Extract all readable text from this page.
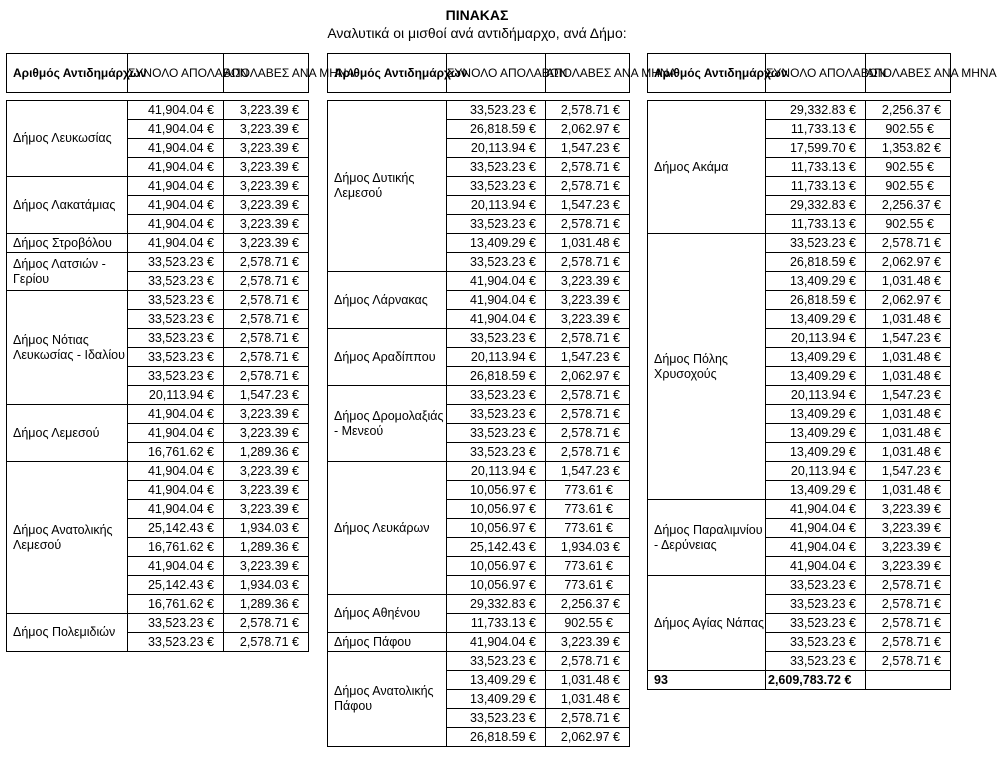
ΠΙΝΑΚΑΣ
Αναλυτικά οι μισθοί ανά αντιδήμαρχο, ανά Δήμο:
Αριθμός Αντιδημάρχων	ΣΥΝΟΛΟ ΑΠΟΛΑΒΩΝ	ΑΠΟΛΑΒΕΣ ΑΝΑ ΜΗΝΑ
Δήμος Λευκωσίας	41,904.04 €	3,223.39 €
	41,904.04 €	3,223.39 €
	41,904.04 €	3,223.39 €
	41,904.04 €	3,223.39 €
Δήμος Λακατάμιας	41,904.04 €	3,223.39 €
	41,904.04 €	3,223.39 €
	41,904.04 €	3,223.39 €
Δήμος Στροβόλου	41,904.04 €	3,223.39 €
Δήμος Λατσιών - Γερίου	33,523.23 €	2,578.71 €
	33,523.23 €	2,578.71 €
Δήμος Νότιας Λευκωσίας - Ιδαλίου	33,523.23 €	2,578.71 €
	33,523.23 €	2,578.71 €
	33,523.23 €	2,578.71 €
	33,523.23 €	2,578.71 €
	33,523.23 €	2,578.71 €
	20,113.94 €	1,547.23 €
Δήμος Λεμεσού	41,904.04 €	3,223.39 €
	41,904.04 €	3,223.39 €
	16,761.62 €	1,289.36 €
Δήμος Ανατολικής Λεμεσού	41,904.04 €	3,223.39 €
	41,904.04 €	3,223.39 €
	41,904.04 €	3,223.39 €
	25,142.43 €	1,934.03 €
	16,761.62 €	1,289.36 €
	41,904.04 €	3,223.39 €
	25,142.43 €	1,934.03 €
	16,761.62 €	1,289.36 €
Δήμος Πολεμιδιών	33,523.23 €	2,578.71 €
	33,523.23 €	2,578.71 €
Αριθμός Αντιδημάρχων	ΣΥΝΟΛΟ ΑΠΟΛΑΒΩΝ	ΑΠΟΛΑΒΕΣ ΑΝΑ ΜΗΝΑ
Δήμος Δυτικής Λεμεσού	33,523.23 €	2,578.71 €
	26,818.59 €	2,062.97 €
	20,113.94 €	1,547.23 €
	33,523.23 €	2,578.71 €
	33,523.23 €	2,578.71 €
	20,113.94 €	1,547.23 €
	33,523.23 €	2,578.71 €
	13,409.29 €	1,031.48 €
	33,523.23 €	2,578.71 €
Δήμος Λάρνακας	41,904.04 €	3,223.39 €
	41,904.04 €	3,223.39 €
	41,904.04 €	3,223.39 €
Δήμος Αραδίππου	33,523.23 €	2,578.71 €
	20,113.94 €	1,547.23 €
	26,818.59 €	2,062.97 €
Δήμος Δρομολαξιάς - Μενεού	33,523.23 €	2,578.71 €
	33,523.23 €	2,578.71 €
	33,523.23 €	2,578.71 €
	33,523.23 €	2,578.71 €
Δήμος Λευκάρων	20,113.94 €	1,547.23 €
	10,056.97 €	773.61 €
	10,056.97 €	773.61 €
	10,056.97 €	773.61 €
	25,142.43 €	1,934.03 €
	10,056.97 €	773.61 €
	10,056.97 €	773.61 €
Δήμος Αθηένου	29,332.83 €	2,256.37 €
	11,733.13 €	902.55 €
Δήμος Πάφου	41,904.04 €	3,223.39 €
Δήμος Ανατολικής Πάφου	33,523.23 €	2,578.71 €
	13,409.29 €	1,031.48 €
	13,409.29 €	1,031.48 €
	33,523.23 €	2,578.71 €
	26,818.59 €	2,062.97 €
Αριθμός Αντιδημάρχων	ΣΥΝΟΛΟ ΑΠΟΛΑΒΩΝ	ΑΠΟΛΑΒΕΣ ΑΝΑ ΜΗΝΑ
Δήμος Ακάμα	29,332.83 €	2,256.37 €
	11,733.13 €	902.55 €
	17,599.70 €	1,353.82 €
	11,733.13 €	902.55 €
	11,733.13 €	902.55 €
	29,332.83 €	2,256.37 €
	11,733.13 €	902.55 €
Δήμος Πόλης Χρυσοχούς	33,523.23 €	2,578.71 €
	26,818.59 €	2,062.97 €
	13,409.29 €	1,031.48 €
	26,818.59 €	2,062.97 €
	13,409.29 €	1,031.48 €
	20,113.94 €	1,547.23 €
	13,409.29 €	1,031.48 €
	13,409.29 €	1,031.48 €
	20,113.94 €	1,547.23 €
	13,409.29 €	1,031.48 €
	13,409.29 €	1,031.48 €
	13,409.29 €	1,031.48 €
	20,113.94 €	1,547.23 €
	13,409.29 €	1,031.48 €
Δήμος Παραλιμνίου - Δερύνειας	41,904.04 €	3,223.39 €
	41,904.04 €	3,223.39 €
	41,904.04 €	3,223.39 €
	41,904.04 €	3,223.39 €
Δήμος Αγίας Νάπας	33,523.23 €	2,578.71 €
	33,523.23 €	2,578.71 €
	33,523.23 €	2,578.71 €
	33,523.23 €	2,578.71 €
	33,523.23 €	2,578.71 €
93	2,609,783.72 €	
